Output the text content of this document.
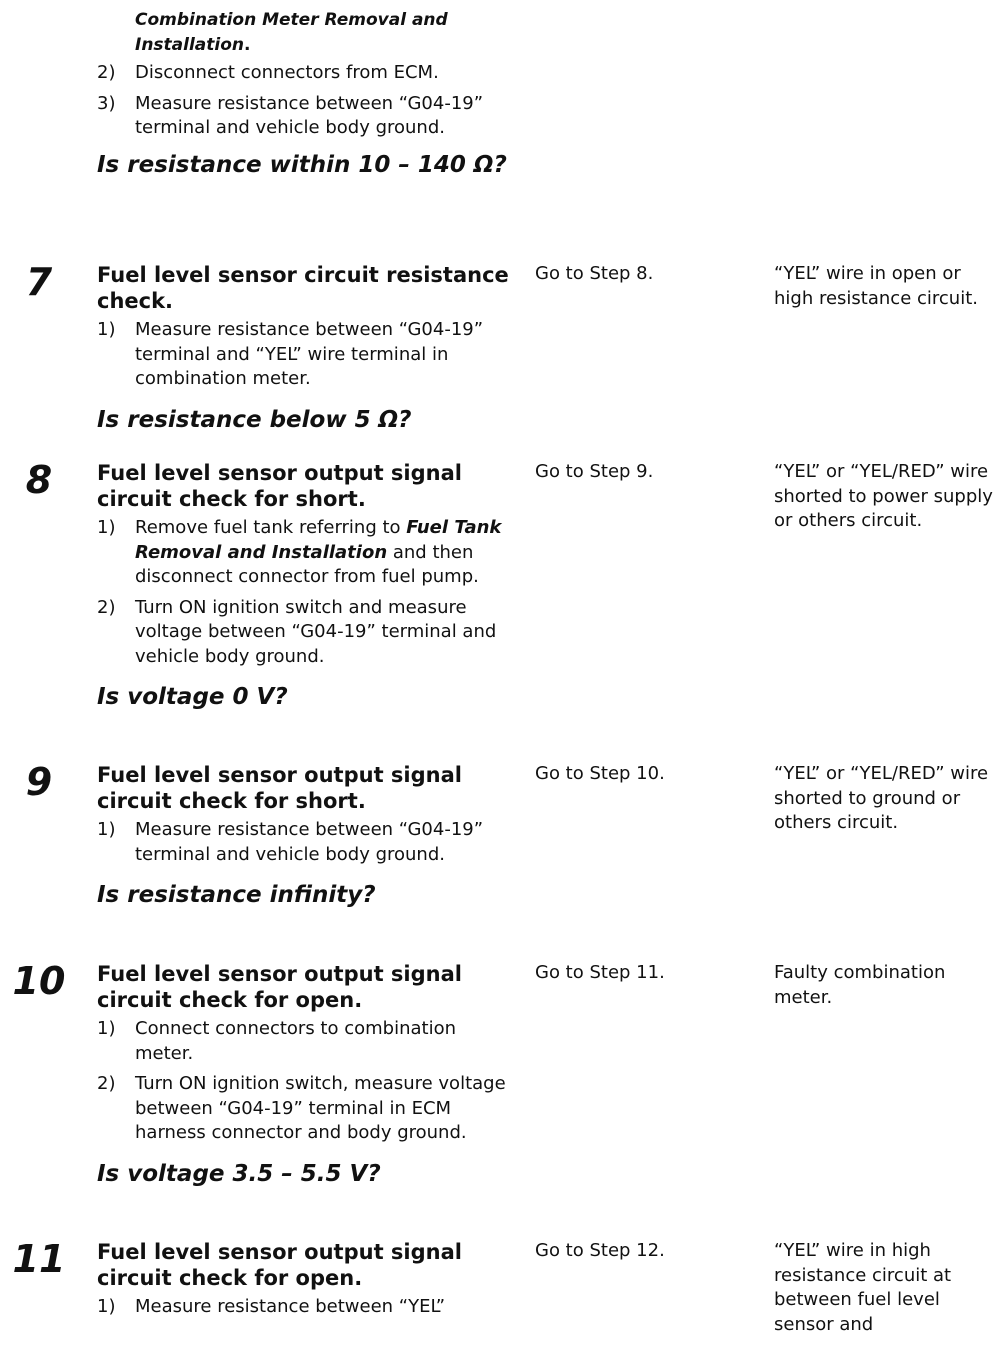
Combination Meter Removal and
Installation.
2) Disconnect connectors from ECM.
3) Measure resistance between “G04-19” terminal and vehicle body ground.
Is resistance within 10 – 140 Ω?
7	Fuel level sensor circuit resistance check.
1) Measure resistance between “G04-19” terminal and “YEL” wire terminal in combination meter.
Is resistance below 5 Ω?
Go to Step 8.	“YEL” wire in open or high resistance circuit.
8	Fuel level sensor output signal circuit check for short.
1) Remove fuel tank referring to Fuel Tank Removal and Installation and then disconnect connector from fuel pump.
2) Turn ON ignition switch and measure voltage between “G04-19” terminal and vehicle body ground.
Is voltage 0 V?
Go to Step 9.	“YEL” or “YEL/RED” wire shorted to power supply or others circuit.
9	Fuel level sensor output signal circuit check for short.
1) Measure resistance between “G04-19” terminal and vehicle body ground.
Is resistance infinity?
Go to Step 10.	“YEL” or “YEL/RED” wire shorted to ground or others circuit.
10	Fuel level sensor output signal circuit check for open.
1) Connect connectors to combination meter.
2) Turn ON ignition switch, measure voltage between “G04-19” terminal in ECM harness connector and body ground.
Is voltage 3.5 – 5.5 V?
Go to Step 11.	Faulty combination meter.
11	Fuel level sensor output signal circuit check for open.
1) Measure resistance between “YEL”
Go to Step 12.	“YEL” wire in high resistance circuit at between fuel level sensor and
